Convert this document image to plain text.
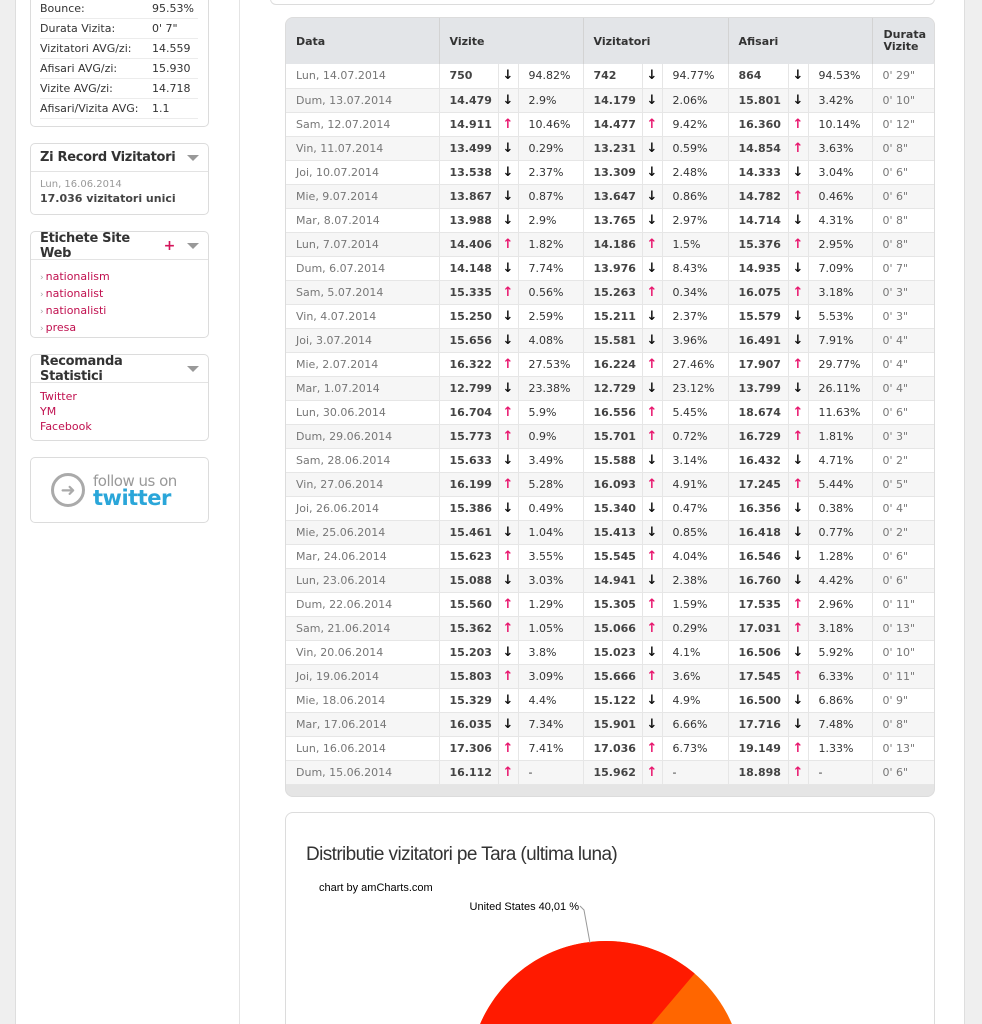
Bounce:	95.53%
Durata Vizita:	0' 7"
Vizitatori AVG/zi: 14.559
Afisari AVG/zi:	15.930
Vizite AVG/zi:	14.718
Afisari/Vizita AVG: 1.1
Zi Record Vizitatori
Lun, 16.06.2014
17.036 vizitatori unici
Etichete Site Web	+
› nationalism
› nationalist
› nationalisti
› presa
Recomanda Statistici
Twitter
YM
Facebook
➜	follow us on
twitter
Data	Vizite			Vizitatori			Afisari			Durata
Vizite
Lun, 14.07.2014	750	↓	94.82%	742	↓	94.77%	864	↓	94.53%	0' 29"
Dum, 13.07.2014	14.479	↓	2.9%	14.179	↓	2.06%	15.801	↓	3.42%	0' 10"
Sam, 12.07.2014	14.911	↑	10.46%	14.477	↑	9.42%	16.360	↑	10.14%	0' 12"
Vin, 11.07.2014	13.499	↓	0.29%	13.231	↓	0.59%	14.854	↑	3.63%	0' 8"
Joi, 10.07.2014	13.538	↓	2.37%	13.309	↓	2.48%	14.333	↓	3.04%	0' 6"
Mie, 9.07.2014	13.867	↓	0.87%	13.647	↓	0.86%	14.782	↑	0.46%	0' 6"
Mar, 8.07.2014	13.988	↓	2.9%	13.765	↓	2.97%	14.714	↓	4.31%	0' 8"
Lun, 7.07.2014	14.406	↑	1.82%	14.186	↑	1.5%	15.376	↑	2.95%	0' 8"
Dum, 6.07.2014	14.148	↓	7.74%	13.976	↓	8.43%	14.935	↓	7.09%	0' 7"
Sam, 5.07.2014	15.335	↑	0.56%	15.263	↑	0.34%	16.075	↑	3.18%	0' 3"
Vin, 4.07.2014	15.250	↓	2.59%	15.211	↓	2.37%	15.579	↓	5.53%	0' 3"
Joi, 3.07.2014	15.656	↓	4.08%	15.581	↓	3.96%	16.491	↓	7.91%	0' 4"
Mie, 2.07.2014	16.322	↑	27.53%	16.224	↑	27.46%	17.907	↑	29.77%	0' 4"
Mar, 1.07.2014	12.799	↓	23.38%	12.729	↓	23.12%	13.799	↓	26.11%	0' 4"
Lun, 30.06.2014	16.704	↑	5.9%	16.556	↑	5.45%	18.674	↑	11.63%	0' 6"
Dum, 29.06.2014	15.773	↑	0.9%	15.701	↑	0.72%	16.729	↑	1.81%	0' 3"
Sam, 28.06.2014	15.633	↓	3.49%	15.588	↓	3.14%	16.432	↓	4.71%	0' 2"
Vin, 27.06.2014	16.199	↑	5.28%	16.093	↑	4.91%	17.245	↑	5.44%	0' 5"
Joi, 26.06.2014	15.386	↓	0.49%	15.340	↓	0.47%	16.356	↓	0.38%	0' 4"
Mie, 25.06.2014	15.461	↓	1.04%	15.413	↓	0.85%	16.418	↓	0.77%	0' 2"
Mar, 24.06.2014	15.623	↑	3.55%	15.545	↑	4.04%	16.546	↓	1.28%	0' 6"
Lun, 23.06.2014	15.088	↓	3.03%	14.941	↓	2.38%	16.760	↓	4.42%	0' 6"
Dum, 22.06.2014	15.560	↑	1.29%	15.305	↑	1.59%	17.535	↑	2.96%	0' 11"
Sam, 21.06.2014	15.362	↑	1.05%	15.066	↑	0.29%	17.031	↑	3.18%	0' 13"
Vin, 20.06.2014	15.203	↓	3.8%	15.023	↓	4.1%	16.506	↓	5.92%	0' 10"
Joi, 19.06.2014	15.803	↑	3.09%	15.666	↑	3.6%	17.545	↑	6.33%	0' 11"
Mie, 18.06.2014	15.329	↓	4.4%	15.122	↓	4.9%	16.500	↓	6.86%	0' 9"
Mar, 17.06.2014	16.035	↓	7.34%	15.901	↓	6.66%	17.716	↓	7.48%	0' 8"
Lun, 16.06.2014	17.306	↑	7.41%	17.036	↑	6.73%	19.149	↑	1.33%	0' 13"
Dum, 15.06.2014	16.112	↑	-	15.962	↑	-	18.898	↑	-	0' 6"
Distributie vizitatori pe Tara (ultima luna)
chart by amCharts.com
United States 40,01 %
